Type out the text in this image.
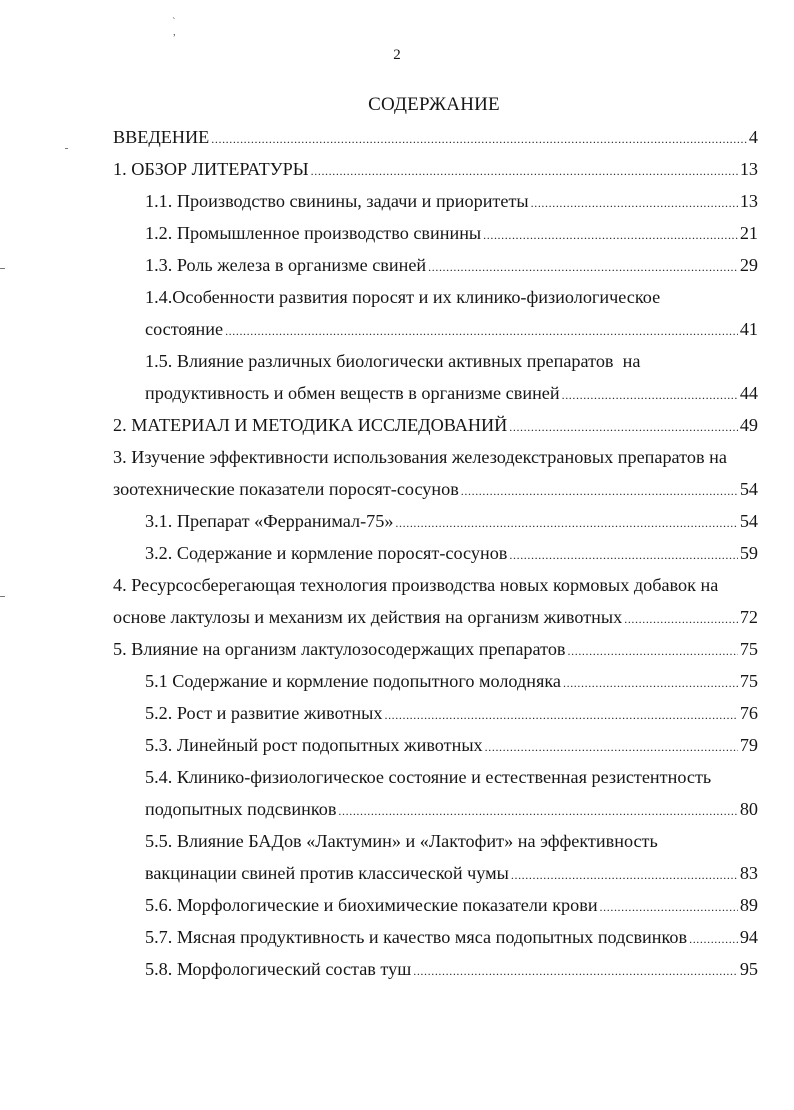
ˋ
,
2
СОДЕРЖАНИЕ
ВВЕДЕНИЕ .....	4
1. ОБЗОР ЛИТЕРАТУРЫ .....	13
1.1. Производство свинины, задачи и приоритеты .....	13
1.2. Промышленное производство свинины .....	21
1.3. Роль железа в организме свиней .....	29
1.4.Особенности развития поросят и их клинико-физиологическое
состояние .....	41
1.5. Влияние различных биологически активных препаратов  на
продуктивность и обмен веществ в организме свиней .....	44
2. МАТЕРИАЛ И МЕТОДИКА ИССЛЕДОВАНИЙ .....	49
3. Изучение эффективности использования железодекстрановых препаратов на
зоотехнические показатели поросят-сосунов .....	54
3.1. Препарат «Ферранимал-75» .....	54
3.2. Содержание и кормление поросят-сосунов .....	59
4. Ресурсосберегающая технология производства новых кормовых добавок на
основе лактулозы и механизм их действия на организм животных .....	72
5. Влияние на организм лактулозосодержащих препаратов .....	75
5.1 Содержание и кормление подопытного молодняка .....	75
5.2. Рост и развитие животных .....	76
5.3. Линейный рост подопытных животных .....	79
5.4. Клинико-физиологическое состояние и естественная резистентность
подопытных подсвинков .....	80
5.5. Влияние БАДов «Лактумин» и «Лактофит» на эффективность
вакцинации свиней против классической чумы .....	83
5.6. Морфологические и биохимические показатели крови .....	89
5.7. Мясная продуктивность и качество мяса подопытных подсвинков .....	94
5.8. Морфологический состав туш .....	95
